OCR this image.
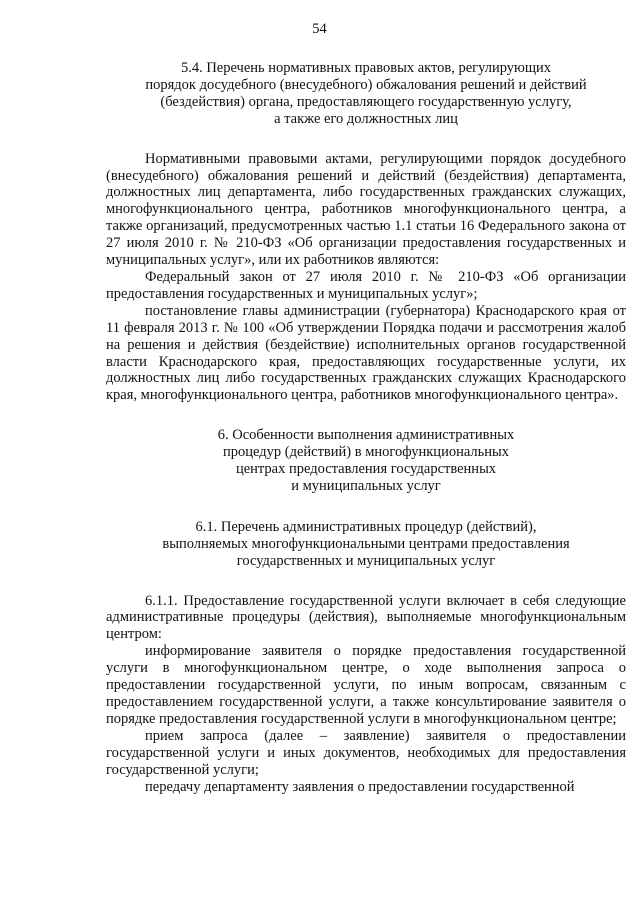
54
5.4. Перечень нормативных правовых актов, регулирующих
порядок досудебного (внесудебного) обжалования решений и действий
(бездействия) органа, предоставляющего государственную услугу,
а также его должностных лиц

Нормативными правовыми актами, регулирующими порядок досудебного (внесудебного) обжалования решений и действий (бездействия) департамента, должностных лиц департамента, либо государственных гражданских служащих, многофункционального центра, работников многофункционального центра, а также организаций, предусмотренных частью 1.1 статьи 16 Федерального закона от 27 июля 2010 г. № 210-ФЗ «Об организации предоставления государственных и муниципальных услуг», или их работников являются:

Федеральный закон от 27 июля 2010 г. № 210-ФЗ «Об организации предоставления государственных и муниципальных услуг»;

постановление главы администрации (губернатора) Краснодарского края от 11 февраля 2013 г. № 100 «Об утверждении Порядка подачи и рассмотрения жалоб на решения и действия (бездействие) исполнительных органов государственной власти Краснодарского края, предоставляющих государственные услуги, их должностных лиц либо государственных гражданских служащих Краснодарского края, многофункционального центра, работников многофункционального центра».

6. Особенности выполнения административных
процедур (действий) в многофункциональных
центрах предоставления государственных
и муниципальных услуг
6.1. Перечень административных процедур (действий),
выполняемых многофункциональными центрами предоставления
государственных и муниципальных услуг

6.1.1. Предоставление государственной услуги включает в себя следующие административные процедуры (действия), выполняемые многофункциональным центром:

информирование заявителя о порядке предоставления государственной услуги в многофункциональном центре, о ходе выполнения запроса о предоставлении государственной услуги, по иным вопросам, связанным с предоставлением государственной услуги, а также консультирование заявителя о порядке предоставления государственной услуги в многофункциональном центре;

прием запроса (далее – заявление) заявителя о предоставлении государственной услуги и иных документов, необходимых для предоставления государственной услуги;

передачу департаменту заявления о предоставлении государственной
